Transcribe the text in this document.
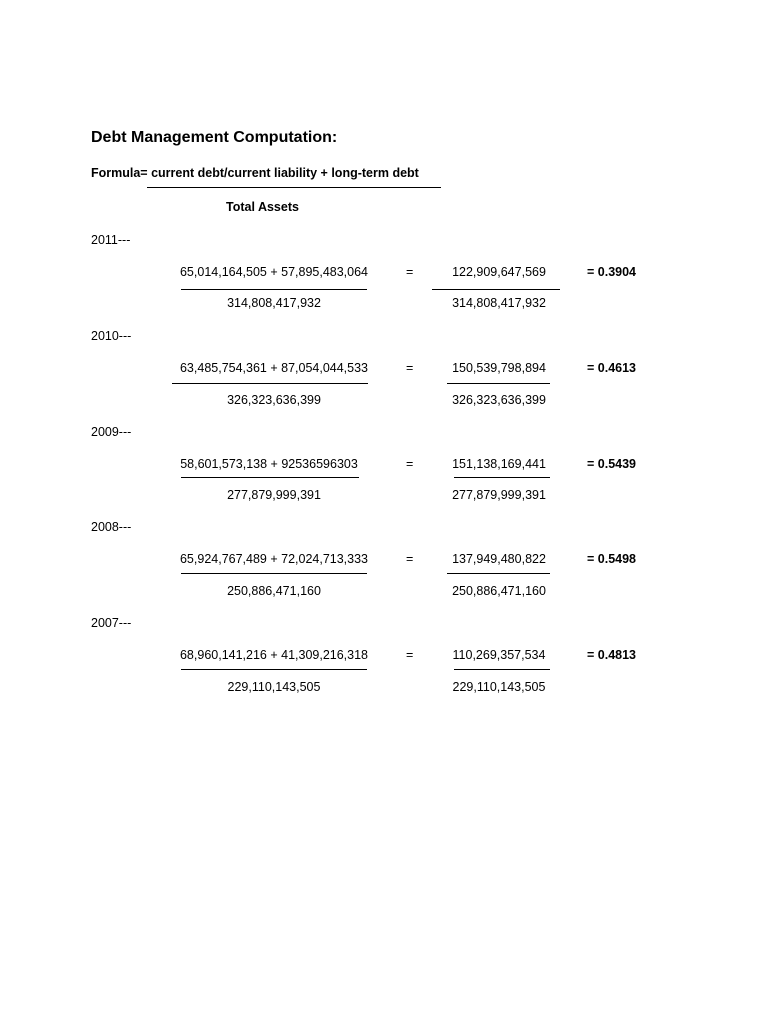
Debt Management Computation:
Formula= current debt/current liability + long-term debt
Total Assets
2011---
65,014,164,505 + 57,895,483,064
314,808,417,932
=	122,909,647,569
314,808,417,932
= 0.3904
2010---
63,485,754,361 + 87,054,044,533
326,323,636,399
=	150,539,798,894
326,323,636,399
= 0.4613
2009---
58,601,573,138 + 92536596303
277,879,999,391
=	151,138,169,441
277,879,999,391
= 0.5439
2008---
65,924,767,489 + 72,024,713,333
250,886,471,160
=	137,949,480,822
250,886,471,160
= 0.5498
2007---
68,960,141,216 + 41,309,216,318
229,110,143,505
=	110,269,357,534
229,110,143,505
= 0.4813
